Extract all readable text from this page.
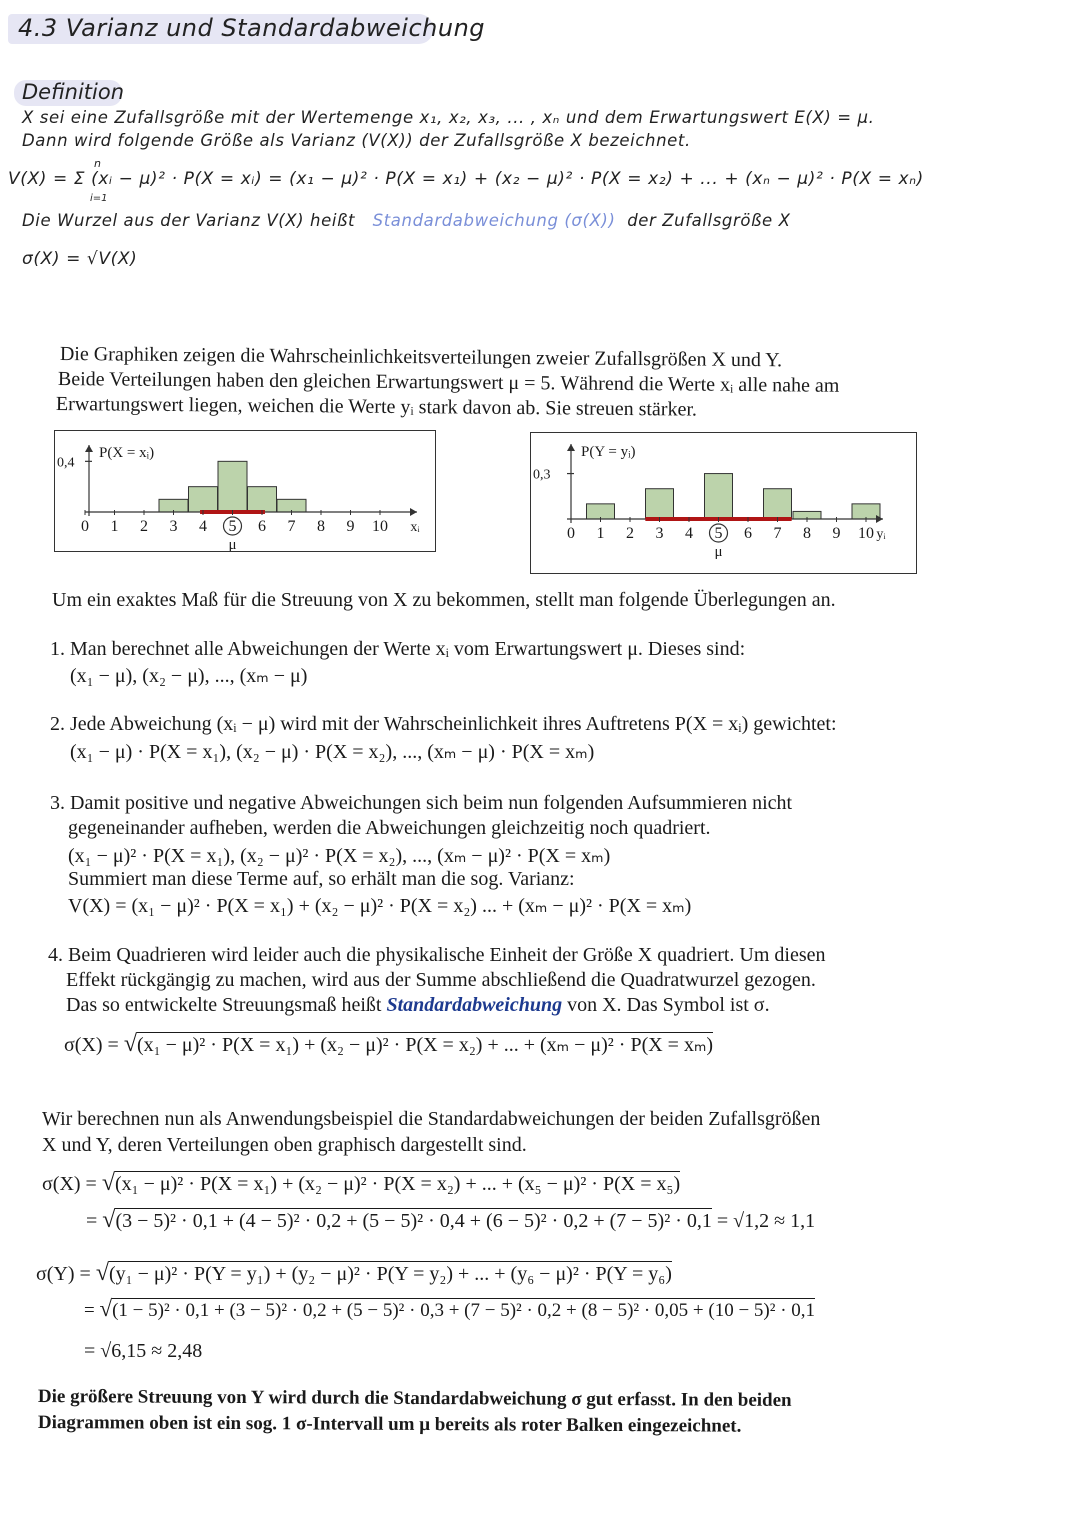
4.3 Varianz und Standardabweichung
Definition
X sei eine Zufallsgröße mit der Wertemenge x₁, x₂, x₃, ... , xₙ und dem Erwartungswert E(X) = μ.
Dann wird folgende Größe als Varianz (V(X)) der Zufallsgröße X bezeichnet.
n
V(X) = Σ (xᵢ − μ)² · P(X = xᵢ) = (x₁ − μ)² · P(X = x₁) + (x₂ − μ)² · P(X = x₂) + ... + (xₙ − μ)² · P(X = xₙ)
i=1
Die Wurzel aus der Varianz V(X) heißt Standardabweichung (σ(X)) der Zufallsgröße X
σ(X) = √V(X)
Die Graphiken zeigen die Wahrscheinlichkeitsverteilungen zweier Zufallsgrößen X und Y.
Beide Verteilungen haben den gleichen Erwartungswert μ = 5. Während die Werte xᵢ alle nahe am
Erwartungswert liegen, weichen die Werte yᵢ stark davon ab. Sie streuen stärker.
P(X = xᵢ)
0,4
0 1 2 3 4 5 6 7 8 9 10
μ
xᵢ
P(Y = yᵢ)
0,3
0 1 2 3 4 5 6 7 8 9 10
μ
yᵢ
Um ein exaktes Maß für die Streuung von X zu bekommen, stellt man folgende Überlegungen an.
1. Man berechnet alle Abweichungen der Werte xᵢ vom Erwartungswert μ. Dieses sind:
(x₁ − μ), (x₂ − μ), ..., (xₘ − μ)
2. Jede Abweichung (xᵢ − μ) wird mit der Wahrscheinlichkeit ihres Auftretens P(X = xᵢ) gewichtet:
(x₁ − μ) · P(X = x₁), (x₂ − μ) · P(X = x₂), ..., (xₘ − μ) · P(X = xₘ)
3. Damit positive und negative Abweichungen sich beim nun folgenden Aufsummieren nicht
gegeneinander aufheben, werden die Abweichungen gleichzeitig noch quadriert.
(x₁ − μ)² · P(X = x₁), (x₂ − μ)² · P(X = x₂), ..., (xₘ − μ)² · P(X = xₘ)
Summiert man diese Terme auf, so erhält man die sog. Varianz:
V(X) = (x₁ − μ)² · P(X = x₁) + (x₂ − μ)² · P(X = x₂) ... + (xₘ − μ)² · P(X = xₘ)
4. Beim Quadrieren wird leider auch die physikalische Einheit der Größe X quadriert. Um diesen
Effekt rückgängig zu machen, wird aus der Summe abschließend die Quadratwurzel gezogen.
Das so entwickelte Streuungsmaß heißt Standardabweichung von X. Das Symbol ist σ.
σ(X) = √(x₁ − μ)² · P(X = x₁) + (x₂ − μ)² · P(X = x₂) + ... + (xₘ − μ)² · P(X = xₘ)
Wir berechnen nun als Anwendungsbeispiel die Standardabweichungen der beiden Zufallsgrößen
X und Y, deren Verteilungen oben graphisch dargestellt sind.
σ(X) = √(x₁ − μ)² · P(X = x₁) + (x₂ − μ)² · P(X = x₂) + ... + (x₅ − μ)² · P(X = x₅)
= √(3 − 5)² · 0,1 + (4 − 5)² · 0,2 + (5 − 5)² · 0,4 + (6 − 5)² · 0,2 + (7 − 5)² · 0,1 = √1,2 ≈ 1,1
σ(Y) = √(y₁ − μ)² · P(Y = y₁) + (y₂ − μ)² · P(Y = y₂) + ... + (y₆ − μ)² · P(Y = y₆)
= √(1 − 5)² · 0,1 + (3 − 5)² · 0,2 + (5 − 5)² · 0,3 + (7 − 5)² · 0,2 + (8 − 5)² · 0,05 + (10 − 5)² · 0,1
= √6,15 ≈ 2,48
Die größere Streuung von Y wird durch die Standardabweichung σ gut erfasst. In den beiden
Diagrammen oben ist ein sog. 1 σ-Intervall um μ bereits als roter Balken eingezeichnet.
